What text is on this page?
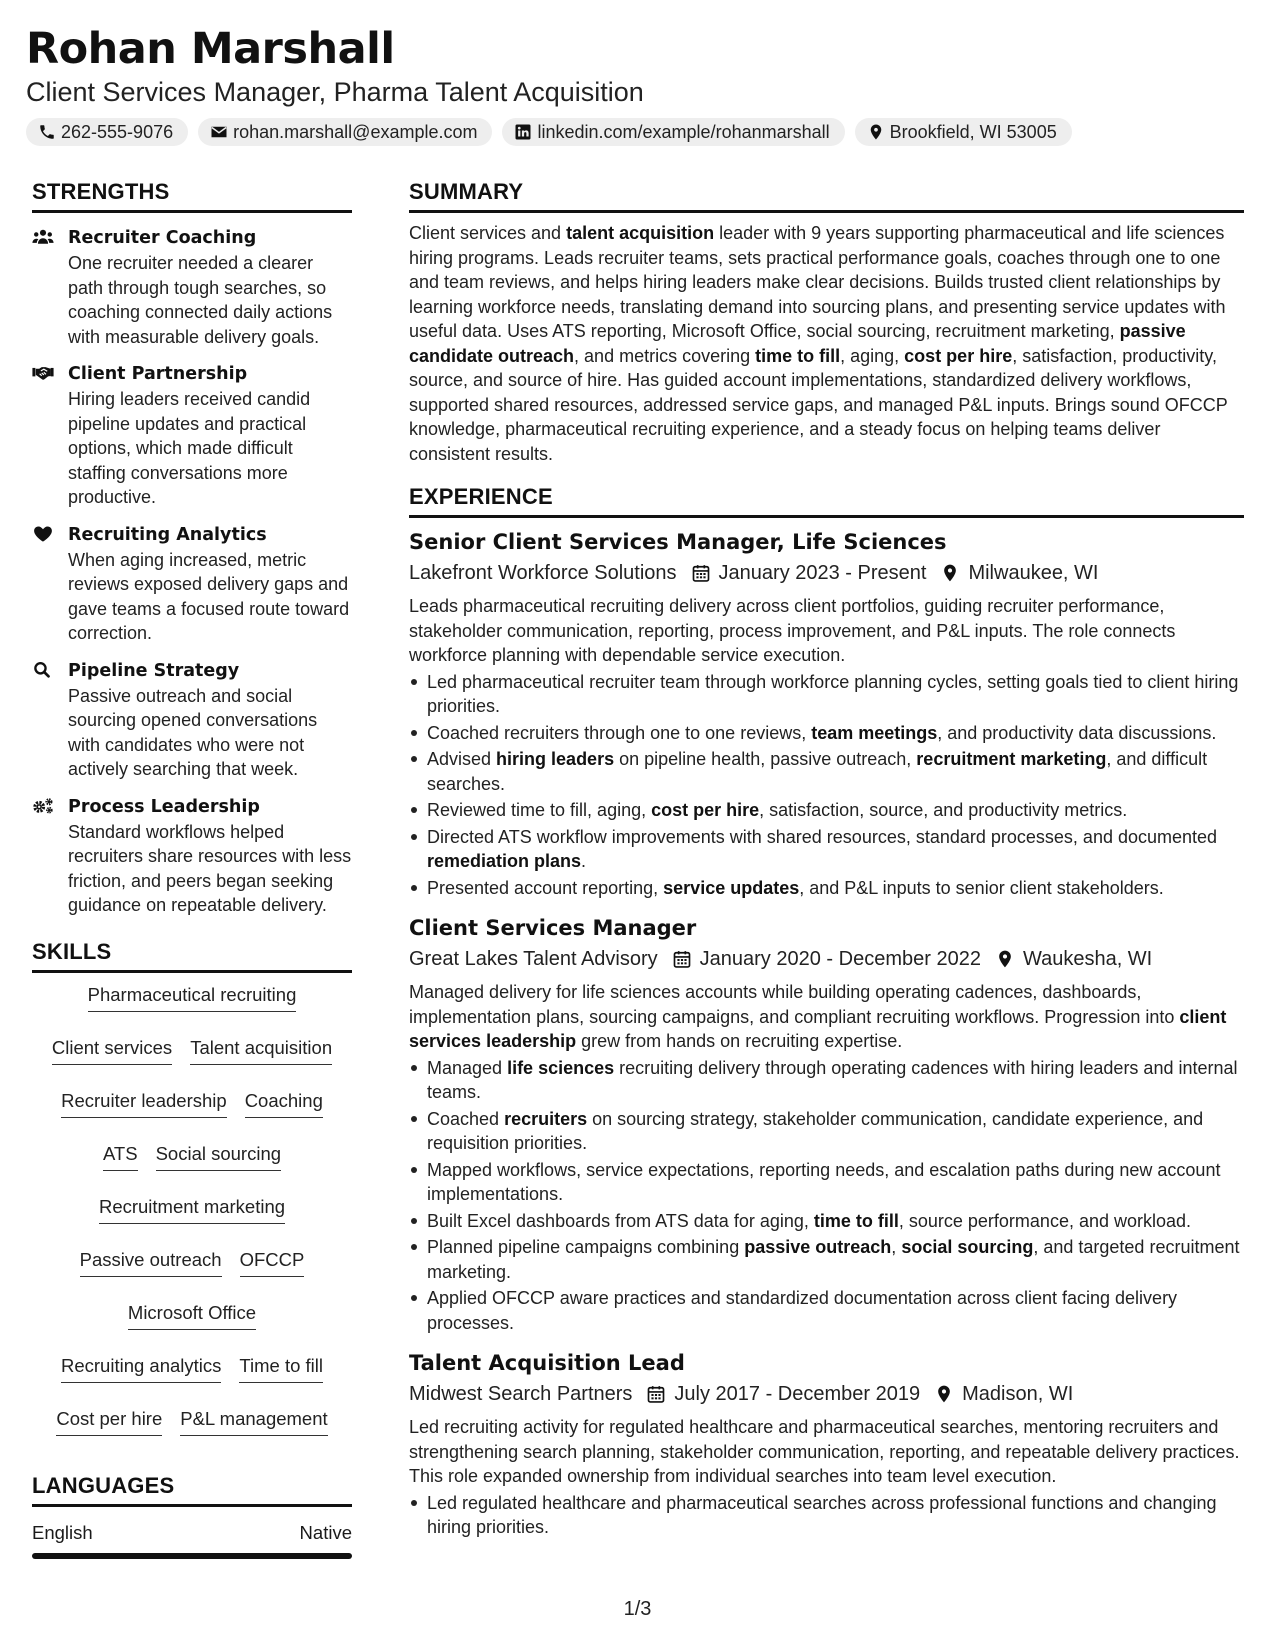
Rohan Marshall
Client Services Manager, Pharma Talent Acquisition
262-555-9076	rohan.marshall@example.com	linkedin.com/example/rohanmarshall	Brookfield, WI 53005
STRENGTHS
Recruiter Coaching
One recruiter needed a clearer path through tough searches, so coaching connected daily actions with measurable delivery goals.
Client Partnership
Hiring leaders received candid pipeline updates and practical options, which made difficult staffing conversations more productive.
Recruiting Analytics
When aging increased, metric reviews exposed delivery gaps and gave teams a focused route toward correction.
Pipeline Strategy
Passive outreach and social sourcing opened conversations with candidates who were not actively searching that week.
Process Leadership
Standard workflows helped recruiters share resources with less friction, and peers began seeking guidance on repeatable delivery.
SKILLS
Pharmaceutical recruiting
Client services Talent acquisition
Recruiter leadership Coaching
ATS Social sourcing
Recruitment marketing
Passive outreach OFCCP
Microsoft Office
Recruiting analytics Time to fill
Cost per hire P&L management
LANGUAGES
English	Native
SUMMARY

Client services and talent acquisition leader with 9 years supporting pharmaceutical and life sciences hiring programs. Leads recruiter teams, sets practical performance goals, coaches through one to one and team reviews, and helps hiring leaders make clear decisions. Builds trusted client relationships by learning workforce needs, translating demand into sourcing plans, and presenting service updates with useful data. Uses ATS reporting, Microsoft Office, social sourcing, recruitment marketing, passive candidate outreach, and metrics covering time to fill, aging, cost per hire, satisfaction, productivity, source, and source of hire. Has guided account implementations, standardized delivery workflows, supported shared resources, addressed service gaps, and managed P&L inputs. Brings sound OFCCP knowledge, pharmaceutical recruiting experience, and a steady focus on helping teams deliver consistent results.

EXPERIENCE
Senior Client Services Manager, Life Sciences
Lakefront Workforce Solutions January 2023 - Present Milwaukee, WI

Leads pharmaceutical recruiting delivery across client portfolios, guiding recruiter performance, stakeholder communication, reporting, process improvement, and P&L inputs. The role connects workforce planning with dependable service execution.

Led pharmaceutical recruiter team through workforce planning cycles, setting goals tied to client hiring priorities.
Coached recruiters through one to one reviews, team meetings, and productivity data discussions.
Advised hiring leaders on pipeline health, passive outreach, recruitment marketing, and difficult searches.
Reviewed time to fill, aging, cost per hire, satisfaction, source, and productivity metrics.
Directed ATS workflow improvements with shared resources, standard processes, and documented remediation plans.
Presented account reporting, service updates, and P&L inputs to senior client stakeholders.
Client Services Manager
Great Lakes Talent Advisory January 2020 - December 2022 Waukesha, WI

Managed delivery for life sciences accounts while building operating cadences, dashboards, implementation plans, sourcing campaigns, and compliant recruiting workflows. Progression into client services leadership grew from hands on recruiting expertise.

Managed life sciences recruiting delivery through operating cadences with hiring leaders and internal teams.
Coached recruiters on sourcing strategy, stakeholder communication, candidate experience, and requisition priorities.
Mapped workflows, service expectations, reporting needs, and escalation paths during new account implementations.
Built Excel dashboards from ATS data for aging, time to fill, source performance, and workload.
Planned pipeline campaigns combining passive outreach, social sourcing, and targeted recruitment marketing.
Applied OFCCP aware practices and standardized documentation across client facing delivery processes.
Talent Acquisition Lead
Midwest Search Partners July 2017 - December 2019 Madison, WI

Led recruiting activity for regulated healthcare and pharmaceutical searches, mentoring recruiters and strengthening search planning, stakeholder communication, reporting, and repeatable delivery practices. This role expanded ownership from individual searches into team level execution.

Led regulated healthcare and pharmaceutical searches across professional functions and changing hiring priorities.
1/3
